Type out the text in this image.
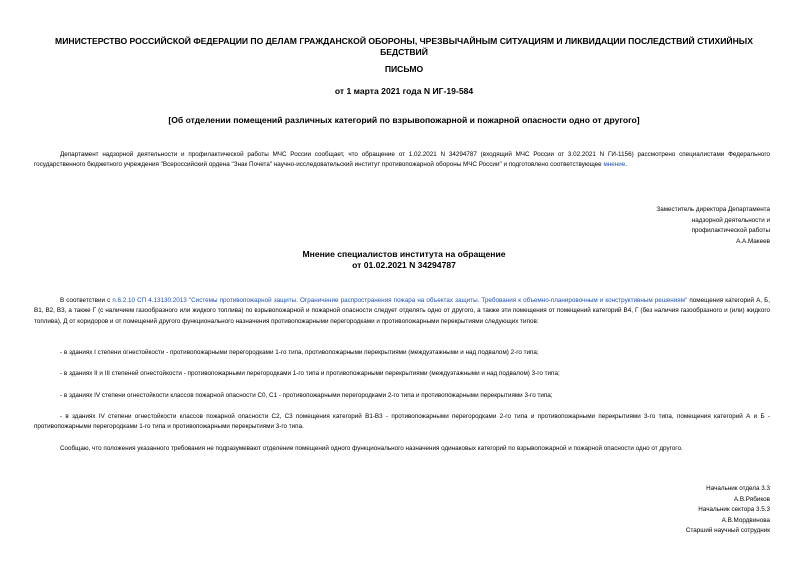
МИНИСТЕРСТВО РОССИЙСКОЙ ФЕДЕРАЦИИ ПО ДЕЛАМ ГРАЖДАНСКОЙ ОБОРОНЫ, ЧРЕЗВЫЧАЙНЫМ СИТУАЦИЯМ И ЛИКВИДАЦИИ ПОСЛЕДСТВИЙ СТИХИЙНЫХ БЕДСТВИЙ
ПИСЬМО
от 1 марта 2021 года N ИГ-19-584
[Об отделении помещений различных категорий по взрывопожарной и пожарной опасности одно от другого]
Департамент надзорной деятельности и профилактической работы МЧС России сообщает, что обращение от 1.02.2021 N 34294787 (входящий МЧС России от 3.02.2021 N ГИ-1156) рассмотрено специалистами Федерального государственного бюджетного учреждения "Всероссийский ордена "Знак Почета" научно-исследовательский институт противопожарной обороны МЧС России" и подготовлено соответствующее мнение.
Заместитель директора Департамента
надзорной деятельности и
профилактической работы
А.А.Макеев
Мнение специалистов института на обращение
от 01.02.2021 N 34294787
В соответствии с п.6.2.10 СП 4.13130.2013 "Системы противопожарной защиты. Ограничение распространения пожара на объектах защиты. Требования к объемно-планировочным и конструктивным решениям" помещения категорий А, Б, В1, В2, В3, а также Г (с наличием газообразного или жидкого топлива) по взрывопожарной и пожарной опасности следует отделять одно от другого, а также эти помещения от помещений категорий В4, Г (без наличия газообразного и (или) жидкого топлива), Д от коридоров и от помещений другого функционального назначения противопожарными перегородками и противопожарными перекрытиями следующих типов:
- в зданиях I степени огнестойкости - противопожарными перегородками 1-го типа, противопожарными перекрытиями (междуэтажными и над подвалом) 2-го типа;
- в зданиях II и III степеней огнестойкости - противопожарными перегородками 1-го типа и противопожарными перекрытиями (междуэтажными и над подвалом) 3-го типа;
- в зданиях IV степени огнестойкости классов пожарной опасности С0, С1 - противопожарными перегородками 2-го типа и противопожарными перекрытиями 3-го типа;
- в зданиях IV степени огнестойкости классов пожарной опасности С2, С3 помещения категорий В1-В3 - противопожарными перегородками 2-го типа и противопожарными перекрытиями 3-го типа, помещения категорий А и Б - противопожарными перегородками 1-го типа и противопожарными перекрытиями 3-го типа.
Сообщаю, что положения указанного требования не подразумевают отделение помещений одного функционального назначения одинаковых категорий по взрывопожарной и пожарной опасности одно от другого.
Начальник отдела 3.3
А.В.Рябиков
Начальник сектора 3.5.3
А.В.Мордвинова
Старший научный сотрудник
